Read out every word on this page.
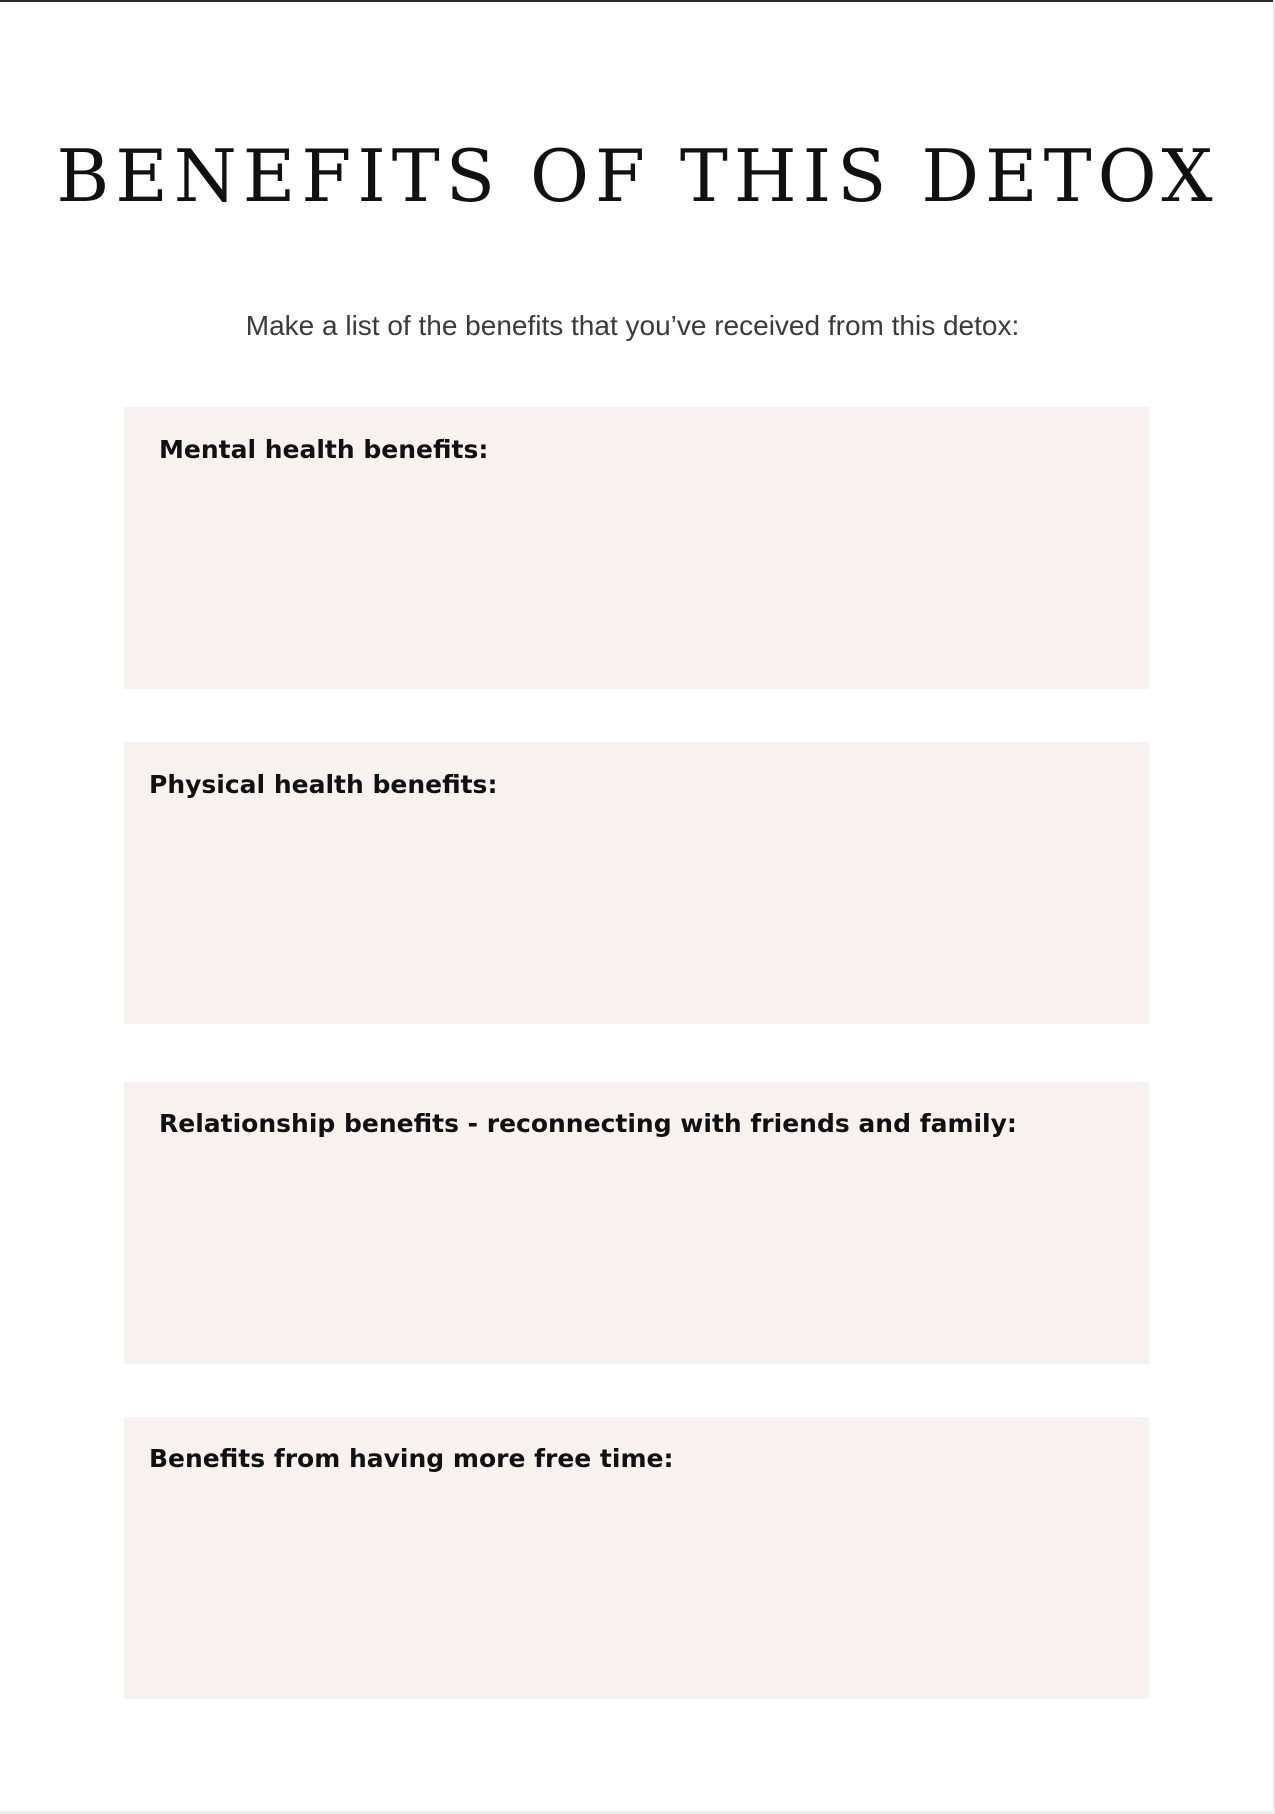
BENEFITS OF THIS DETOX

Make a list of the benefits that you’ve received from this detox:

Mental health benefits:
Physical health benefits:
Relationship benefits - reconnecting with friends and family:
Benefits from having more free time:
